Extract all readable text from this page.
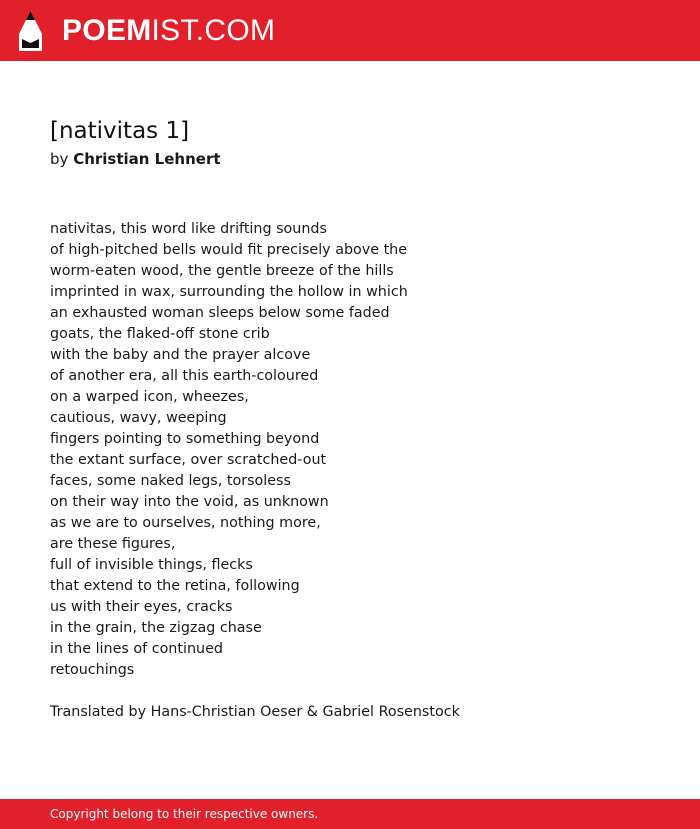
POEMIST.COM
[nativitas 1]
by Christian Lehnert
nativitas, this word like drifting sounds
of high-pitched bells would fit precisely above the
worm-eaten wood, the gentle breeze of the hills
imprinted in wax, surrounding the hollow in which
an exhausted woman sleeps below some faded
goats, the flaked-off stone crib
with the baby and the prayer alcove
of another era, all this earth-coloured
on a warped icon, wheezes,
cautious, wavy, weeping
fingers pointing to something beyond
the extant surface, over scratched-out
faces, some naked legs, torsoless
on their way into the void, as unknown
as we are to ourselves, nothing more,
are these figures,
full of invisible things, flecks
that extend to the retina, following
us with their eyes, cracks
in the grain, the zigzag chase
in the lines of continued
retouchings
Translated by Hans-Christian Oeser & Gabriel Rosenstock
Copyright belong to their respective owners.
